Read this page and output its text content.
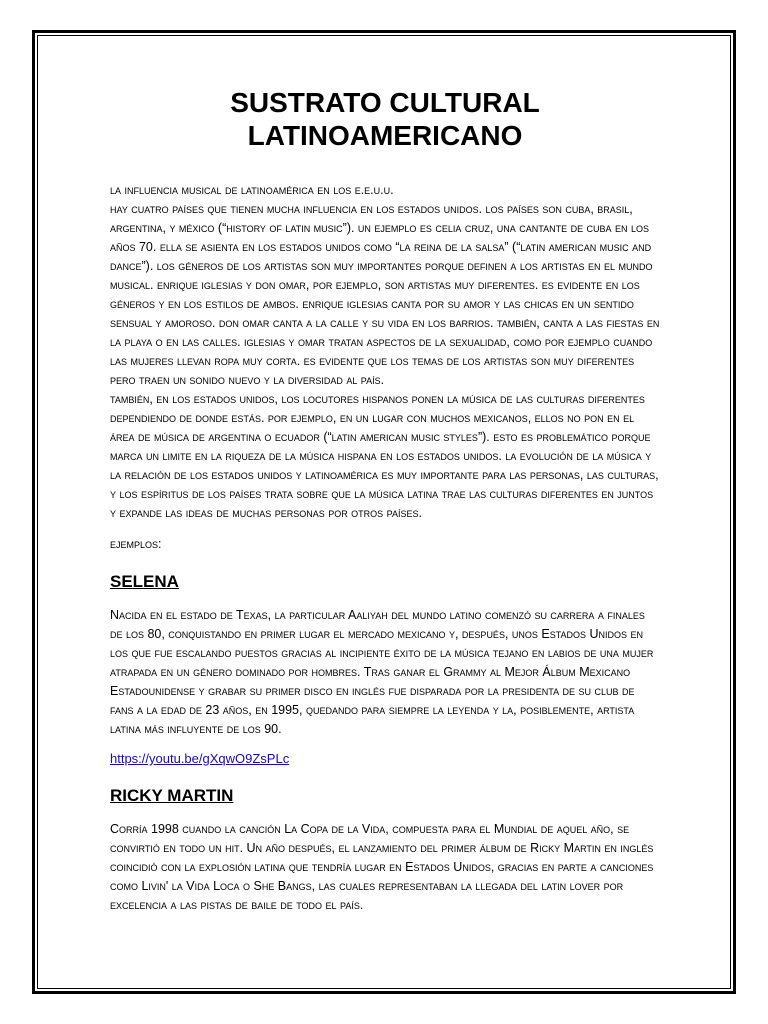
SUSTRATO CULTURAL
LATINOAMERICANO
la influencia musical de latinoamérica en los e.e.u.u.

hay cuatro países que tienen mucha influencia en los estados unidos. los países son cuba, brasil, argentina, y méxico (“history of latin music”). un ejemplo es celia cruz, una cantante de cuba en los años 70. ella se asienta en los estados unidos como “la reina de la salsa” (“latin american music and dance”). los géneros de los artistas son muy importantes porque definen a los artistas en el mundo musical. enrique iglesias y don omar, por ejemplo, son artistas muy diferentes. es evidente en los géneros y en los estilos de ambos. enrique iglesias canta por su amor y las chicas en un sentido sensual y amoroso. don omar canta a la calle y su vida en los barrios. también, canta a las fiestas en la playa o en las calles. iglesias y omar tratan aspectos de la sexualidad, como por ejemplo cuando las mujeres llevan ropa muy corta. es evidente que los temas de los artistas son muy diferentes pero traen un sonido nuevo y la diversidad al país.

también, en los estados unidos, los locutores hispanos ponen la música de las culturas diferentes dependiendo de donde estás. por ejemplo, en un lugar con muchos mexicanos, ellos no pon en el área de música de argentina o ecuador (“latin american music styles”). esto es problemático porque marca un limite en la riqueza de la música hispana en los estados unidos. la evolución de la música y la relación de los estados unidos y latinoamérica es muy importante para las personas, las culturas, y los espíritus de los países trata sobre que la música latina trae las culturas diferentes en juntos y expande las ideas de muchas personas por otros países.

ejemplos:
SELENA

Nacida en el estado de Texas, la particular Aaliyah del mundo latino comenzó su carrera a finales de los 80, conquistando en primer lugar el mercado mexicano y, después, unos Estados Unidos en los que fue escalando puestos gracias al incipiente éxito de la música tejano en labios de una mujer atrapada en un género dominado por hombres. Tras ganar el Grammy al Mejor Álbum Mexicano Estadounidense y grabar su primer disco en inglés fue disparada por la presidenta de su club de fans a la edad de 23 años, en 1995, quedando para siempre la leyenda y la, posiblemente, artista latina más influyente de los 90.

https://youtu.be/gXqwO9ZsPLc
RICKY MARTIN

Corría 1998 cuando la canción La Copa de la Vida, compuesta para el Mundial de aquel año, se convirtió en todo un hit. Un año después, el lanzamiento del primer álbum de Ricky Martin en inglés coincidió con la explosión latina que tendría lugar en Estados Unidos, gracias en parte a canciones como Livin' la Vida Loca o She Bangs, las cuales representaban la llegada del latin lover por excelencia a las pistas de baile de todo el país.
